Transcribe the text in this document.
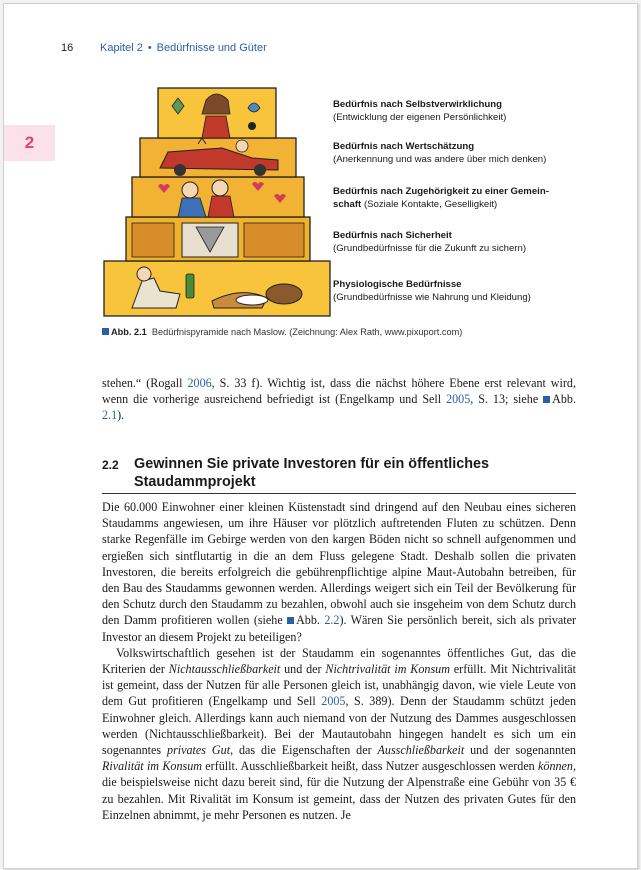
16 Kapitel 2 • Bedürfnisse und Güter
2
Bedürfnis nach Selbstverwirklichung
(Entwicklung der eigenen Persönlichkeit)
Bedürfnis nach Wertschätzung
(Anerkennung und was andere über mich denken)
Bedürfnis nach Zugehörigkeit zu einer Gemein-
schaft (Soziale Kontakte, Geselligkeit)
Bedürfnis nach Sicherheit
(Grundbedürfnisse für die Zukunft zu sichern)
Physiologische Bedürfnisse
(Grundbedürfnisse wie Nahrung und Kleidung)
Abb. 2.1 Bedürfnispyramide nach Maslow. (Zeichnung: Alex Rath, www.pixuport.com)

stehen.“ (Rogall 2006, S. 33 f). Wichtig ist, dass die nächst höhere Ebene erst relevant wird, wenn die vorherige ausreichend befriedigt ist (Engelkamp und Sell 2005, S. 13; siehe Abb. 2.1).

2.2 Gewinnen Sie private Investoren für ein öffentliches Staudammprojekt

Die 60.000 Einwohner einer kleinen Küstenstadt sind dringend auf den Neubau eines sicheren Staudamms angewiesen, um ihre Häuser vor plötzlich auftretenden Fluten zu schützen. Denn starke Regenfälle im Gebirge werden von den kargen Böden nicht so schnell aufgenommen und ergießen sich sintflutartig in die an dem Fluss gelegene Stadt. Deshalb sollen die privaten Investoren, die bereits erfolgreich die gebührenpflichtige alpine Maut-Autobahn betreiben, für den Bau des Staudamms gewonnen werden. Allerdings weigert sich ein Teil der Bevölkerung für den Schutz durch den Staudamm zu bezahlen, obwohl auch sie insgeheim von dem Schutz durch den Damm profitieren wollen (siehe Abb. 2.2). Wären Sie persönlich bereit, sich als privater Investor an diesem Projekt zu beteiligen?

Volkswirtschaftlich gesehen ist der Staudamm ein sogenanntes öffentliches Gut, das die Kriterien der Nichtausschließbarkeit und der Nichtrivalität im Konsum erfüllt. Mit Nichtrivalität ist gemeint, dass der Nutzen für alle Personen gleich ist, unabhängig davon, wie viele Leute von dem Gut profitieren (Engelkamp und Sell 2005, S. 389). Denn der Staudamm schützt jeden Einwohner gleich. Allerdings kann auch niemand von der Nutzung des Dammes ausgeschlossen werden (Nichtausschließbarkeit). Bei der Mautautobahn hingegen handelt es sich um ein sogenanntes privates Gut, das die Eigenschaften der Ausschließbarkeit und der sogenannten Rivalität im Konsum erfüllt. Ausschließbarkeit heißt, dass Nutzer ausgeschlossen werden können, die beispielsweise nicht dazu bereit sind, für die Nutzung der Alpenstraße eine Gebühr von 35 € zu bezahlen. Mit Rivalität im Konsum ist gemeint, dass der Nutzen des privaten Gutes für den Einzelnen abnimmt, je mehr Personen es nutzen. Je
